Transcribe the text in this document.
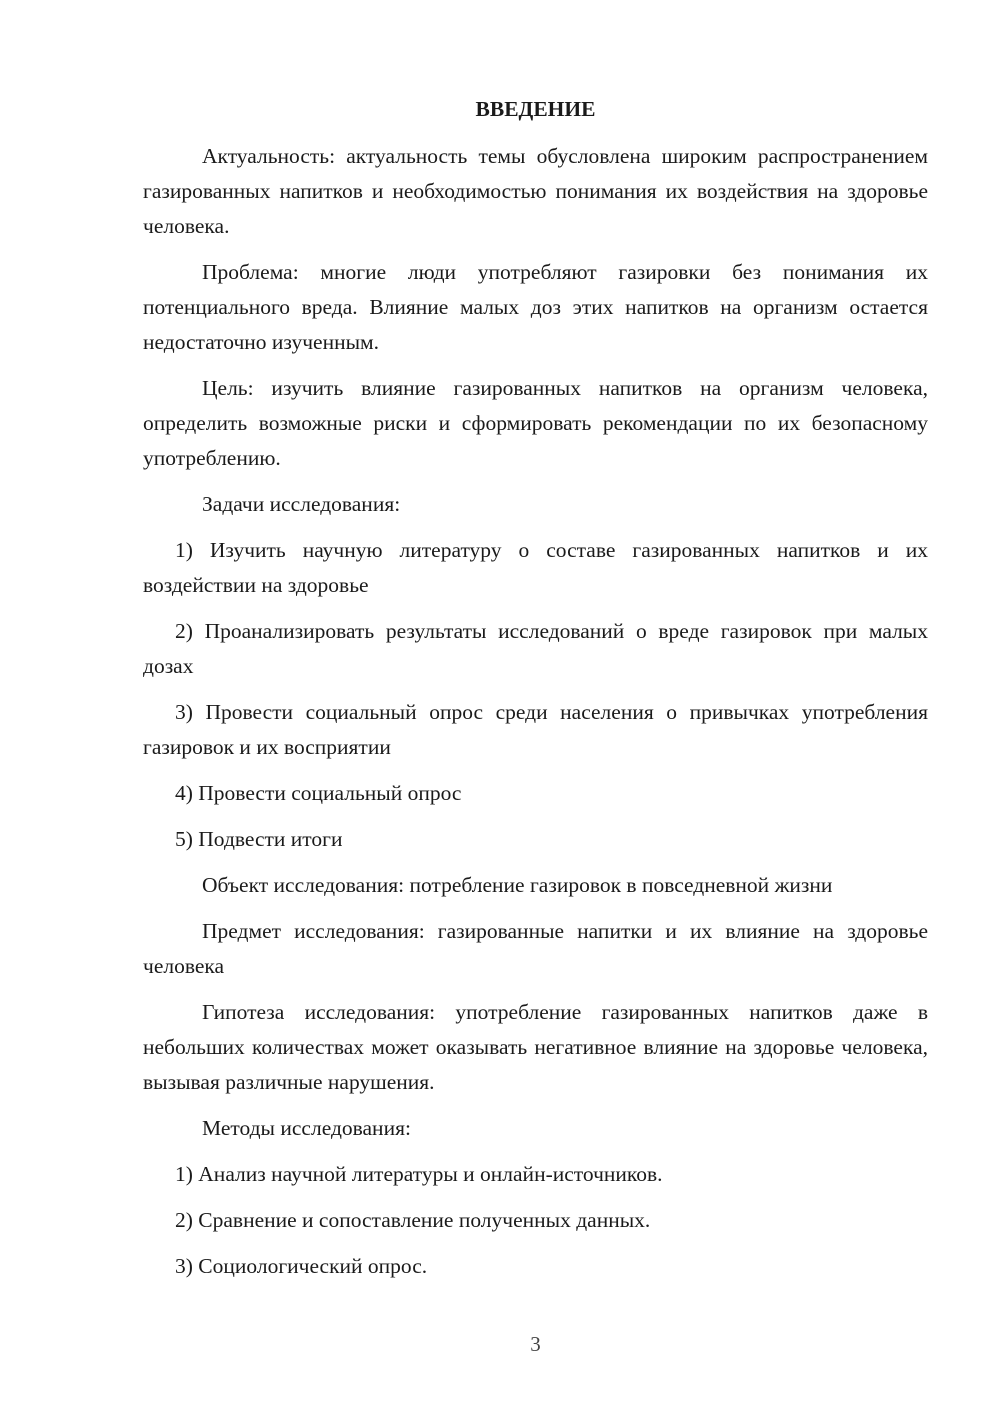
ВВЕДЕНИЕ

Актуальность: актуальность темы обусловлена широким распространением газированных напитков и необходимостью понимания их воздействия на здоровье человека.

Проблема: многие люди употребляют газировки без понимания их потенциального вреда. Влияние малых доз этих напитков на организм остается недостаточно изученным.

Цель: изучить влияние газированных напитков на организм человека, определить возможные риски и сформировать рекомендации по их безопасному употреблению.

Задачи исследования:

1) Изучить научную литературу о составе газированных напитков и их воздействии на здоровье

2) Проанализировать результаты исследований о вреде газировок при малых дозах

3) Провести социальный опрос среди населения о привычках употребления газировок и их восприятии

4) Провести социальный опрос

5) Подвести итоги

Объект исследования: потребление газировок в повседневной жизни

Предмет исследования: газированные напитки и их влияние на здоровье человека

Гипотеза исследования: употребление газированных напитков даже в небольших количествах может оказывать негативное влияние на здоровье человека, вызывая различные нарушения.

Методы исследования:

1) Анализ научной литературы и онлайн-источников.

2) Сравнение и сопоставление полученных данных.

3) Социологический опрос.

3
